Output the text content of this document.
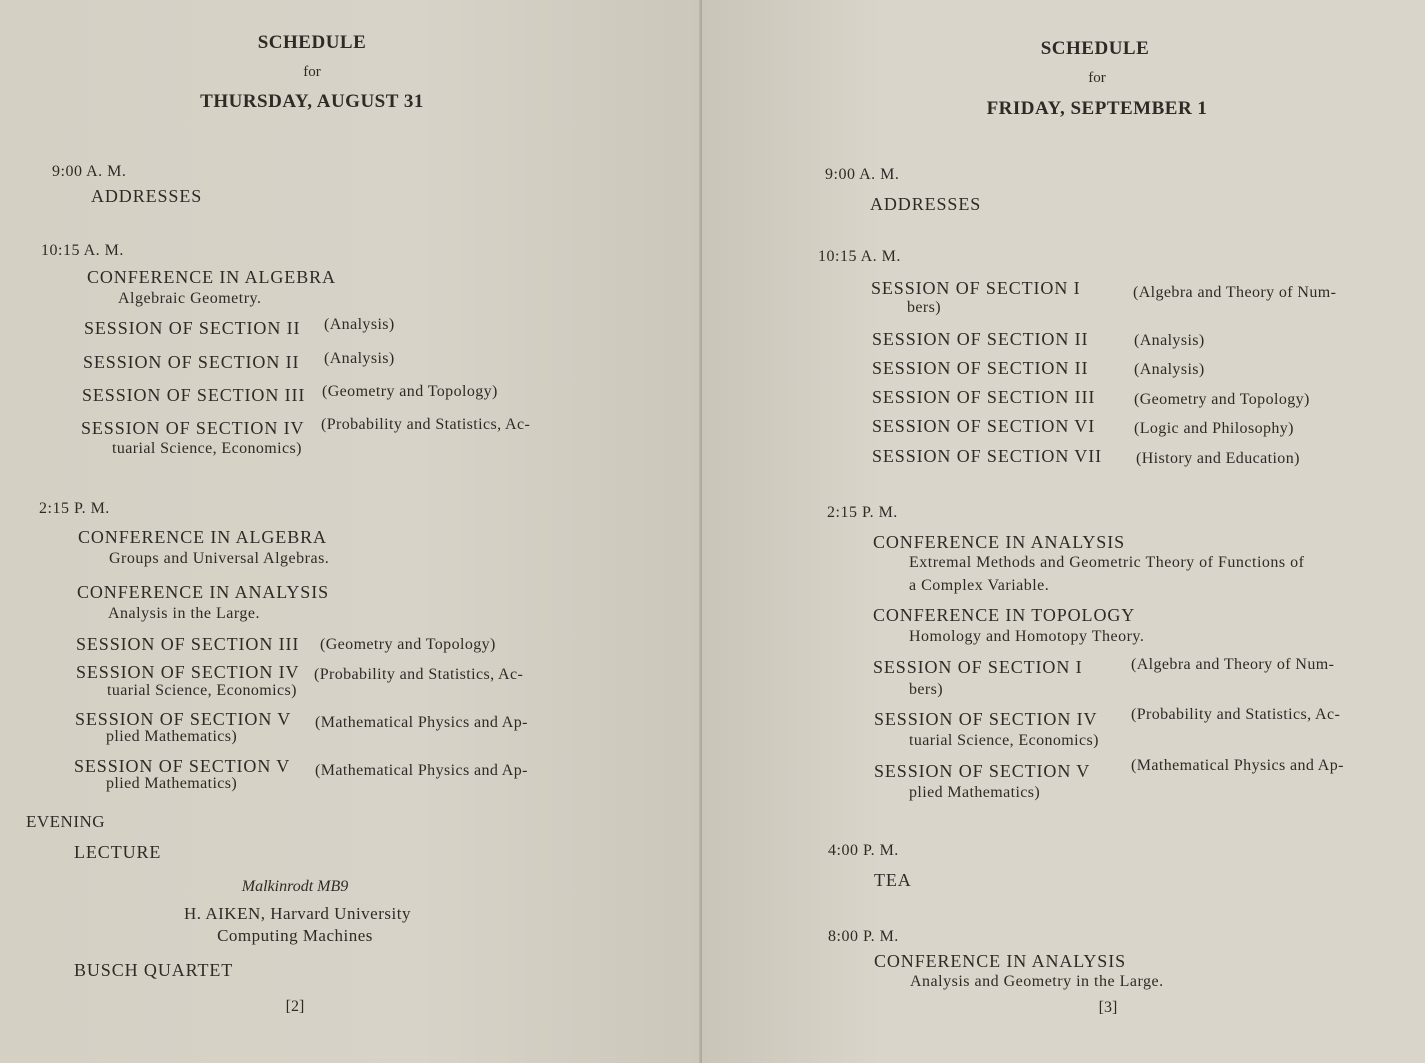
SCHEDULE
for
THURSDAY, AUGUST 31
9:00 A. M.
ADDRESSES
10:15 A. M.
CONFERENCE IN ALGEBRA
Algebraic Geometry.
SESSION OF SECTION II (Analysis)
SESSION OF SECTION II (Analysis)
SESSION OF SECTION III (Geometry and Topology)
SESSION OF SECTION IV (Probability and Statistics, Ac-
tuarial Science, Economics)
2:15 P. M.
CONFERENCE IN ALGEBRA
Groups and Universal Algebras.
CONFERENCE IN ANALYSIS
Analysis in the Large.
SESSION OF SECTION III (Geometry and Topology)
SESSION OF SECTION IV (Probability and Statistics, Ac-
tuarial Science, Economics)
SESSION OF SECTION V (Mathematical Physics and Ap-
plied Mathematics)
SESSION OF SECTION V (Mathematical Physics and Ap-
plied Mathematics)
EVENING
LECTURE
Malkinrodt MB9
H. AIKEN, Harvard University
Computing Machines
BUSCH QUARTET
[2]
SCHEDULE
for
FRIDAY, SEPTEMBER 1
9:00 A. M.
ADDRESSES
10:15 A. M.
SESSION OF SECTION I	(Algebra and Theory of Num-
bers)
SESSION OF SECTION II	(Analysis)
SESSION OF SECTION II	(Analysis)
SESSION OF SECTION III (Geometry and Topology)
SESSION OF SECTION VI (Logic and Philosophy)
SESSION OF SECTION VII (History and Education)
2:15 P. M.
CONFERENCE IN ANALYSIS
Extremal Methods and Geometric Theory of Functions of
a Complex Variable.
CONFERENCE IN TOPOLOGY
Homology and Homotopy Theory.
SESSION OF SECTION I	(Algebra and Theory of Num-
bers)
SESSION OF SECTION IV (Probability and Statistics, Ac-
tuarial Science, Economics)
SESSION OF SECTION V	(Mathematical Physics and Ap-
plied Mathematics)
4:00 P. M.
TEA
8:00 P. M.
CONFERENCE IN ANALYSIS
Analysis and Geometry in the Large.
[3]
